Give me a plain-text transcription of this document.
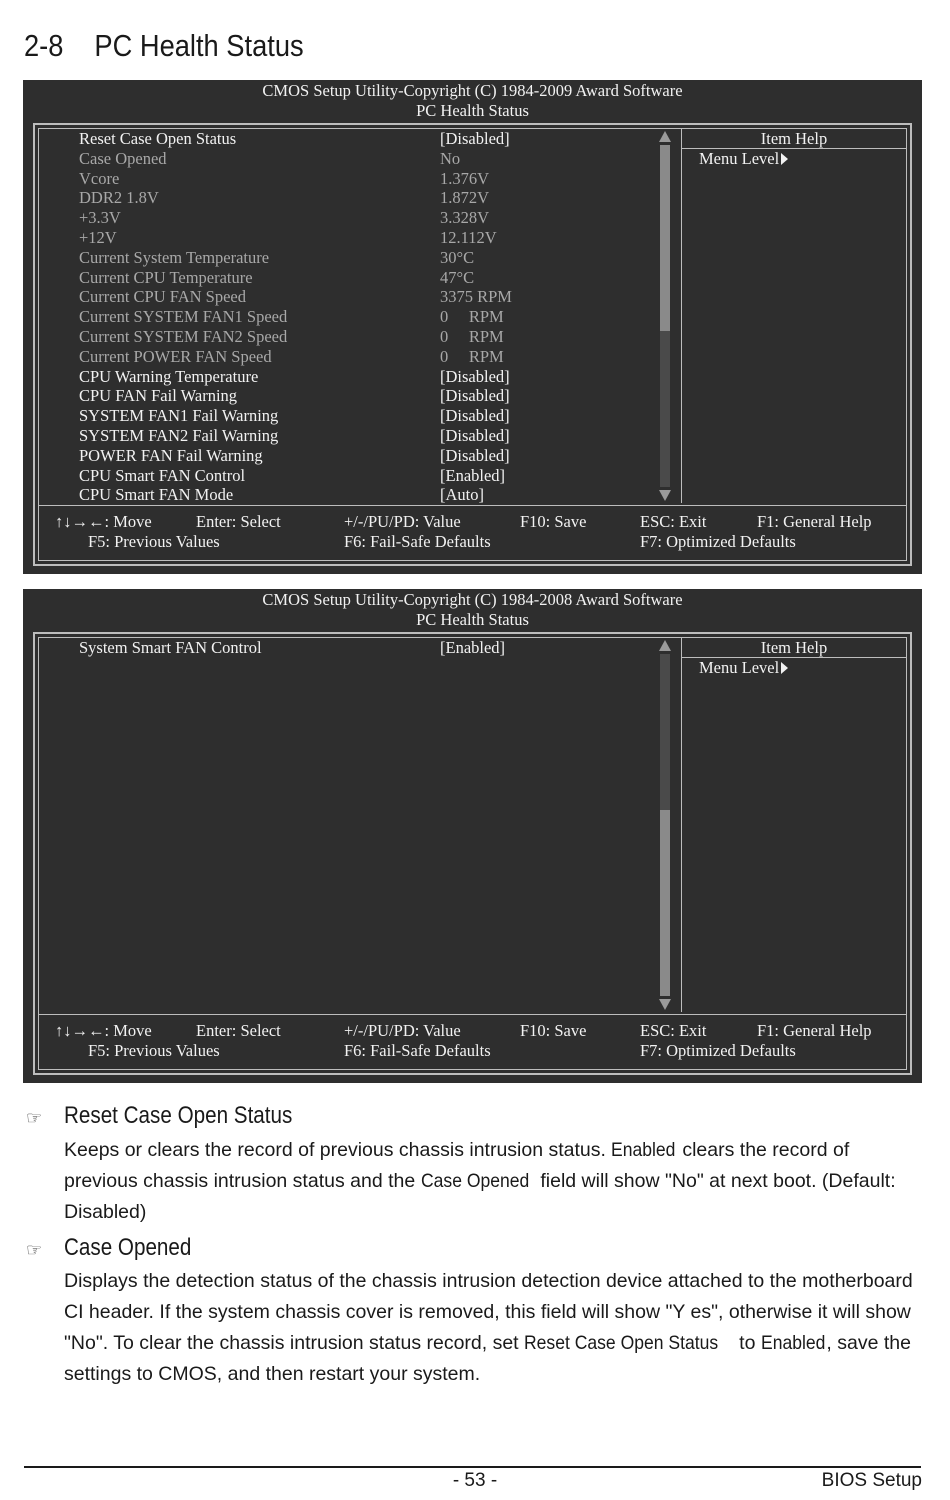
2-8 PC Health Status
CMOS Setup Utility-Copyright (C) 1984-2009 Award Software
PC Health Status
Reset Case Open Status	[Disabled]
Case Opened	No
Vcore	1.376V
DDR2 1.8V	1.872V
+3.3V	3.328V
+12V	12.112V
Current System Temperature	30°C
Current CPU Temperature	47°C
Current CPU FAN Speed	3375 RPM
Current SYSTEM FAN1 Speed	0     RPM
Current SYSTEM FAN2 Speed	0     RPM
Current POWER FAN Speed	0     RPM
CPU Warning Temperature	[Disabled]
CPU FAN Fail Warning	[Disabled]
SYSTEM FAN1 Fail Warning	[Disabled]
SYSTEM FAN2 Fail Warning	[Disabled]
POWER FAN Fail Warning	[Disabled]
CPU Smart FAN Control	[Enabled]
CPU Smart FAN Mode	[Auto]
Item Help
Menu Level
↑↓→←: Move	Enter: Select	+/-/PU/PD: Value	F10: Save	ESC: Exit	F1: General Help
F5: Previous Values	F6: Fail-Safe Defaults	F7: Optimized Defaults
CMOS Setup Utility-Copyright (C) 1984-2008 Award Software
PC Health Status
System Smart FAN Control	[Enabled]	Item Help
Menu Level
↑↓→←: Move	Enter: Select	+/-/PU/PD: Value	F10: Save	ESC: Exit	F1: General Help
F5: Previous Values	F6: Fail-Safe Defaults	F7: Optimized Defaults
☞ Reset Case Open Status
Keeps or clears the record of previous chassis intrusion status. Enabled clears the record of previous chassis intrusion status and the Case Opened field will show "No" at next boot. (Default: Disabled)
☞ Case Opened
Displays the detection status of the chassis intrusion detection device attached to the motherboard CI header. If the system chassis cover is removed, this field will show "Y es", otherwise it will show "No". To clear the chassis intrusion status record, set Reset Case Open Status to Enabled, save the settings to CMOS, and then restart your system.
- 53 -	BIOS Setup
